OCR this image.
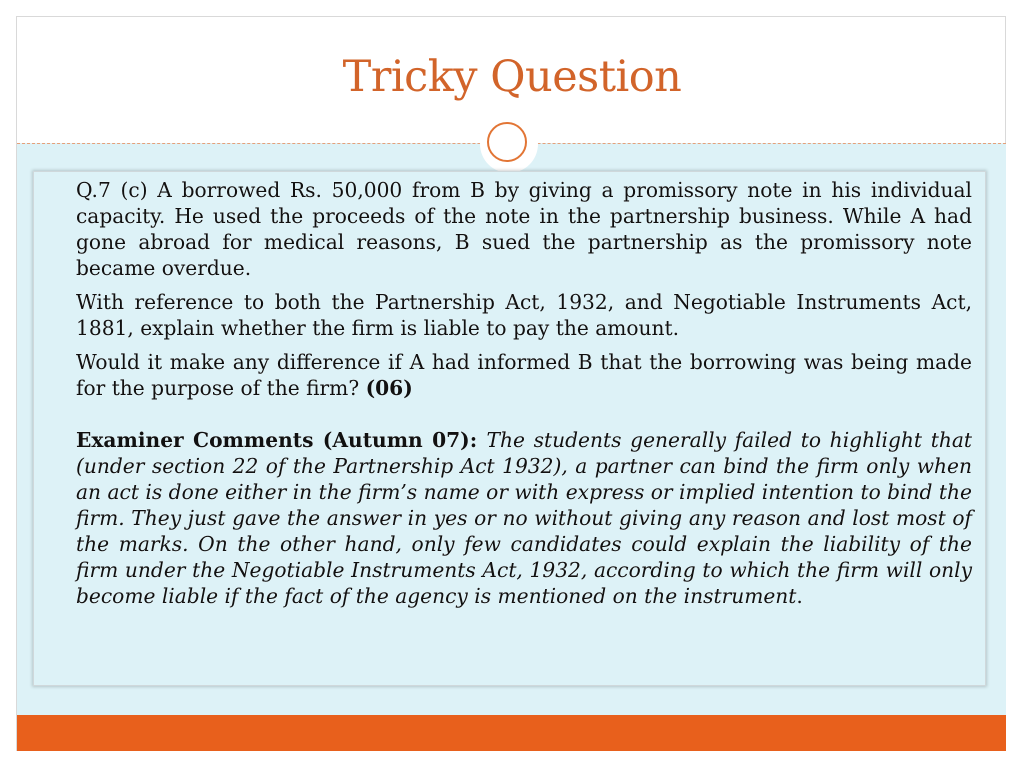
Tricky Question

Q.7 (c) A borrowed Rs. 50,000 from B by giving a promissory note in his individual capacity. He used the proceeds of the note in the partnership business. While A had gone abroad for medical reasons, B sued the partnership as the promissory note became overdue.

With reference to both the Partnership Act, 1932, and Negotiable Instruments Act, 1881, explain whether the firm is liable to pay the amount.

Would it make any difference if A had informed B that the borrowing was being made for the purpose of the firm? (06)

Examiner Comments (Autumn 07): The students generally failed to highlight that (under section 22 of the Partnership Act 1932), a partner can bind the firm only when an act is done either in the firm’s name or with express or implied intention to bind the firm. They just gave the answer in yes or no without giving any reason and lost most of the marks. On the other hand, only few candidates could explain the liability of the firm under the Negotiable Instruments Act, 1932, according to which the firm will only become liable if the fact of the agency is mentioned on the instrument.
